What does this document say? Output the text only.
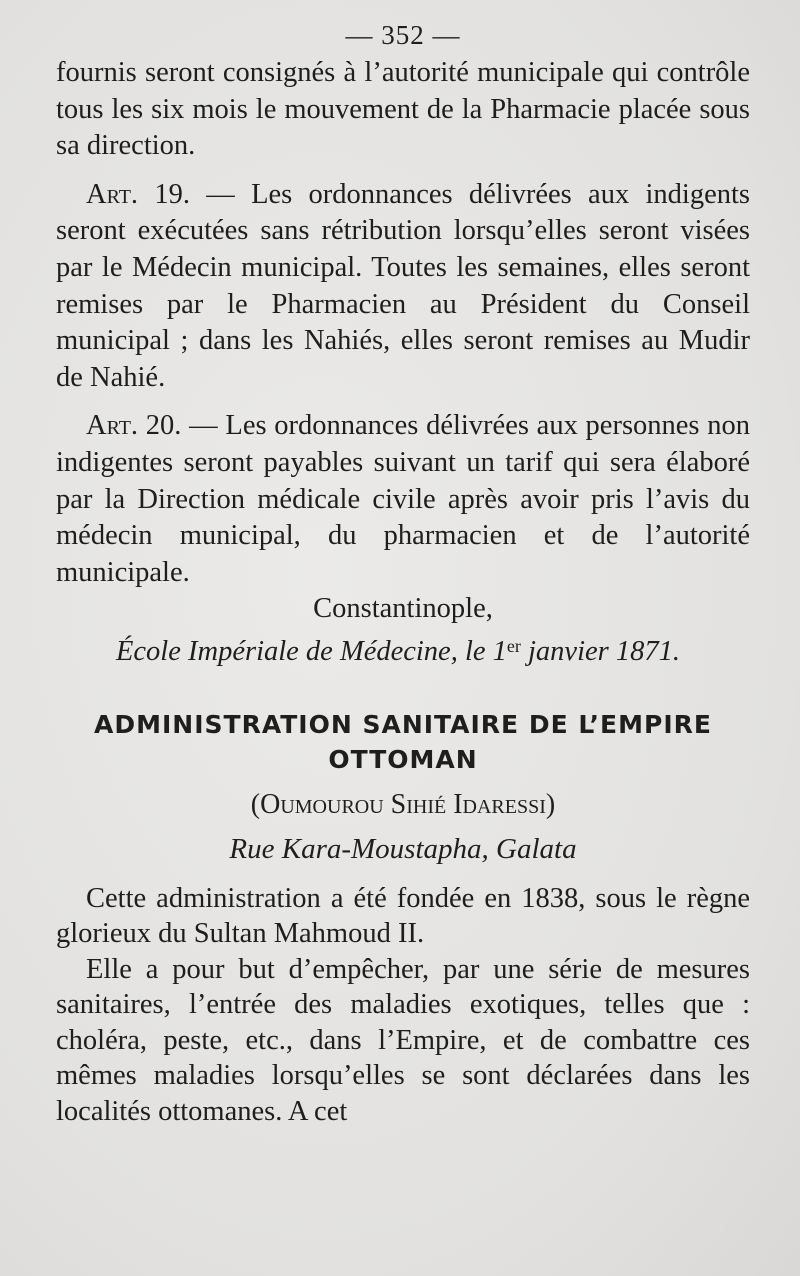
— 352 —

fournis seront consignés à l’autorité municipale qui contrôle tous les six mois le mouvement de la Pharmacie placée sous sa direction.

Art. 19. — Les ordonnances délivrées aux indigents seront exécutées sans rétribution lorsqu’elles seront visées par le Médecin municipal. Toutes les semaines, elles seront remises par le Pharmacien au Président du Conseil municipal ; dans les Nahiés, elles seront remises au Mudir de Nahié.

Art. 20. — Les ordonnances délivrées aux personnes non indigentes seront payables suivant un tarif qui sera élaboré par la Direction médicale civile après avoir pris l’avis du médecin municipal, du pharmacien et de l’autorité municipale.

Constantinople,

École Impériale de Médecine, le 1er janvier 1871.

ADMINISTRATION SANITAIRE DE L’EMPIRE OTTOMAN
(Oumourou Sihié Idaressi)
Rue Kara-Moustapha, Galata

Cette administration a été fondée en 1838, sous le règne glorieux du Sultan Mahmoud II.

Elle a pour but d’empêcher, par une série de mesures sanitaires, l’entrée des maladies exotiques, telles que : choléra, peste, etc., dans l’Empire, et de combattre ces mêmes maladies lorsqu’elles se sont déclarées dans les localités ottomanes. A cet
